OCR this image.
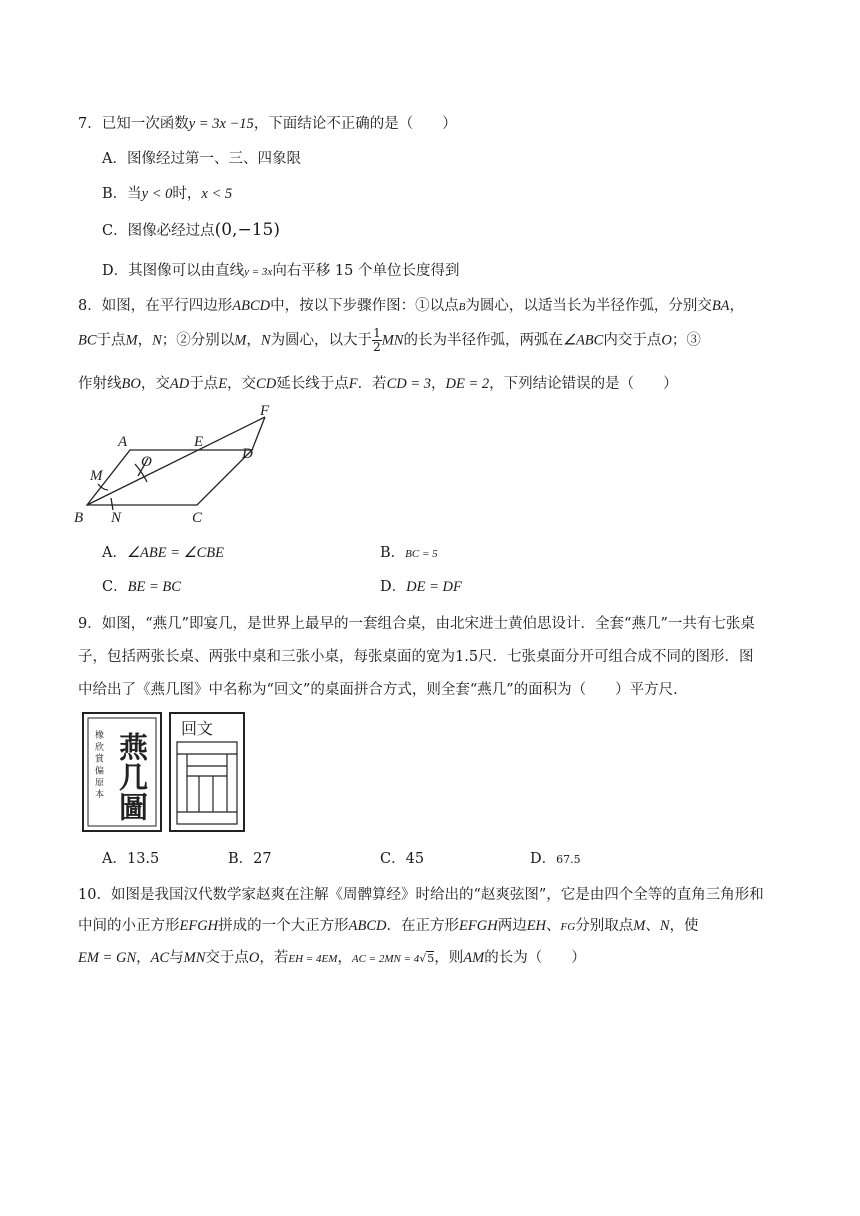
7．已知一次函数y = 3x −15，下面结论不正确的是（　　）
A．图像经过第一、三、四象限
B．当y < 0时，x < 5
C．图像必经过点(0,−15)
D．其图像可以由直线y = 3x向右平移 15 个单位长度得到
8．如图，在平行四边形ABCD中，按以下步骤作图：①以点B为圆心，以适当长为半径作弧，分别交BA，
BC于点M，N；②分别以M，N为圆心，以大于 $\frac{1}{2}$ MN的长为半径作弧，两弧在∠ABC内交于点O；③
作射线BO，交AD于点E，交CD延长线于点F．若CD = 3，DE = 2，下列结论错误的是（　　）
A
B	C
D
E
F
M
N
O
A．∠ABE = ∠CBE	B．BC = 5
C．BE = BC	D．DE = DF
9．如图，“燕几”即宴几，是世界上最早的一套组合桌，由北宋进士黄伯思设计．全套“燕几”一共有七张桌
子，包括两张长桌、两张中桌和三张小桌，每张桌面的宽为1.5尺．七张桌面分开可组合成不同的图形．图
中给出了《燕几图》中名称为“回文”的桌面拼合方式，则全套“燕几”的面积为（　　）平方尺．
橡 欣 賞 偏 原 本 燕几圖
回文
A．13.5	B．27	C．45	D．67.5
10．如图是我国汉代数学家赵爽在注解《周髀算经》时给出的“赵爽弦图”，它是由四个全等的直角三角形和
中间的小正方形EFGH拼成的一个大正方形ABCD．在正方形EFGH两边EH、FG分别取点M、N，使
EM = GN，AC与MN交于点O，若EH = 4EM，AC = 2MN = 4√5，则AM的长为（　　）
